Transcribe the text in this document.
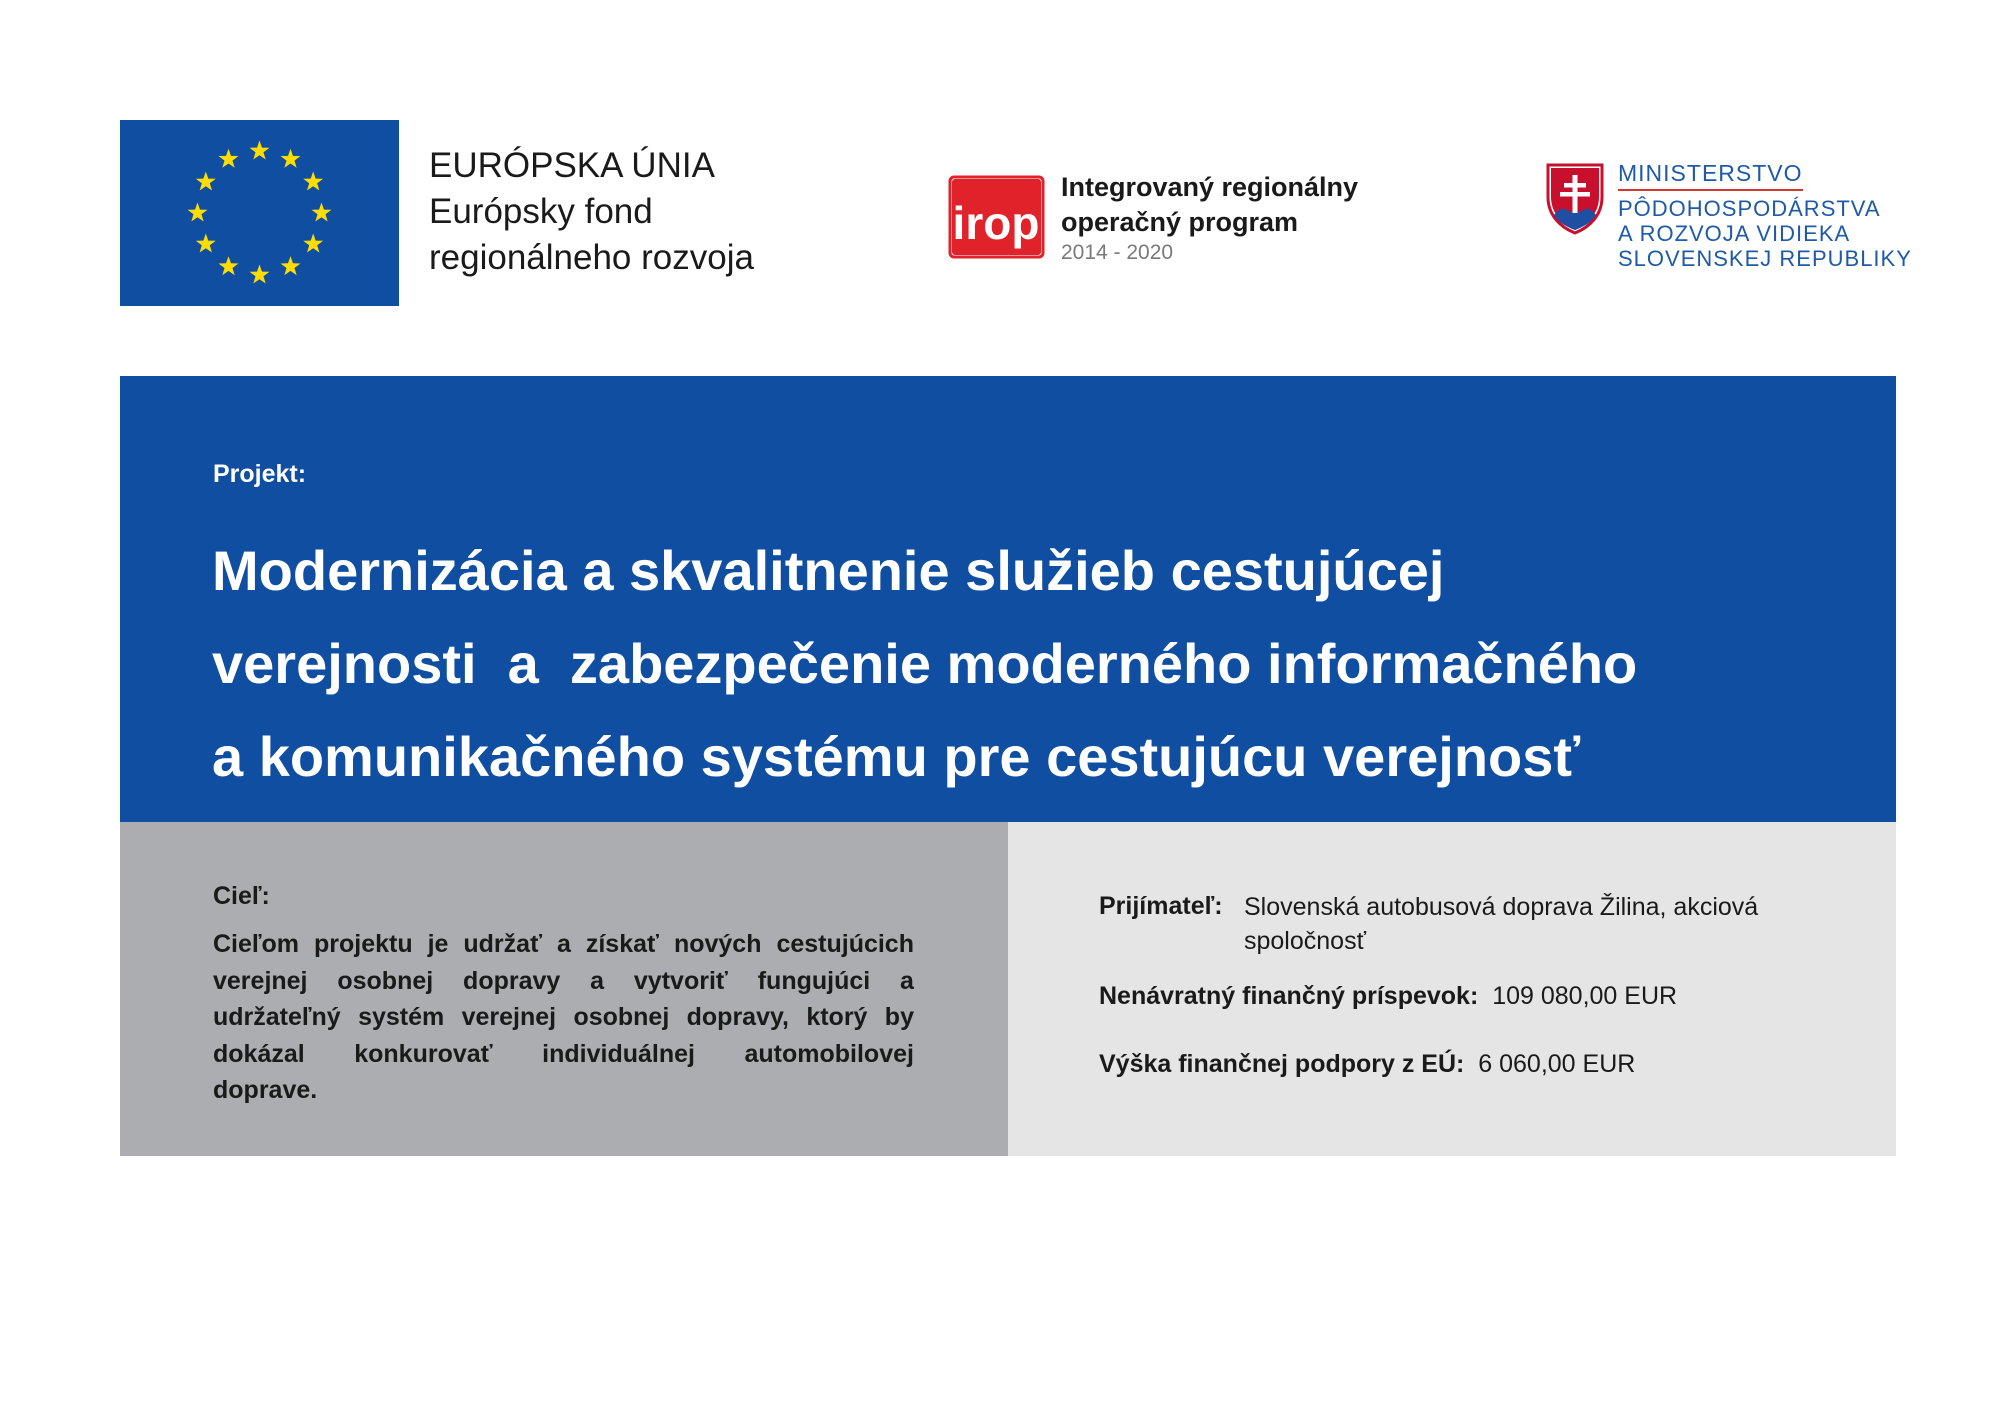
EURÓPSKA ÚNIA
Európsky fond
regionálneho rozvoja
irop
Integrovaný regionálny
operačný program
2014 - 2020
MINISTERSTVO
PÔDOHOSPODÁRSTVA
A ROZVOJA VIDIEKA
SLOVENSKEJ REPUBLIKY
Projekt:
Modernizácia a skvalitnenie služieb cestujúcej
verejnosti  a  zabezpečenie moderného informačného
a komunikačného systému pre cestujúcu verejnosť
Cieľ:
Cieľom projektu je udržať a získať nových cestujúcich
verejnej osobnej dopravy a vytvoriť fungujúci a
udržateľný systém verejnej osobnej dopravy, ktorý by
dokázal konkurovať individuálnej automobilovej
doprave.
Prijímateľ: Slovenská autobusová doprava Žilina, akciová
spoločnosť
Nenávratný finančný príspevok: 109 080,00 EUR
Výška finančnej podpory z EÚ: 6 060,00 EUR
